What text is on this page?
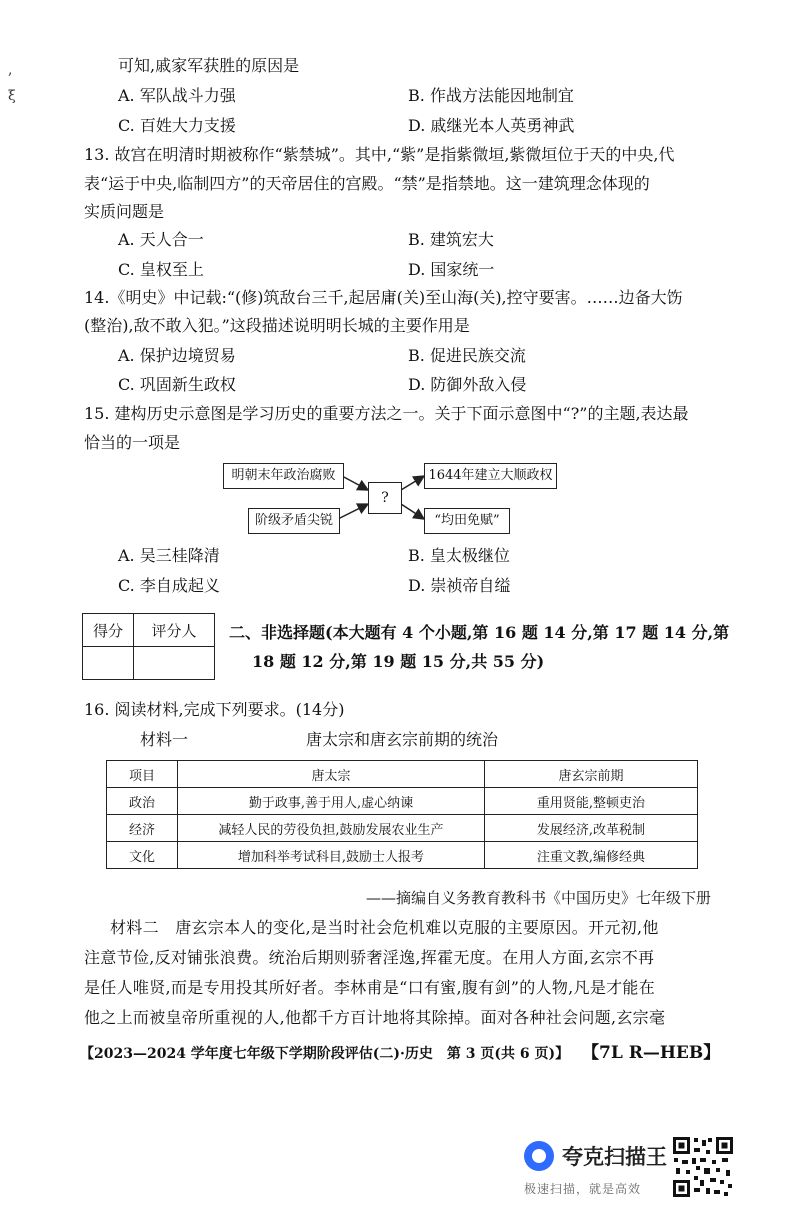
,
ξ
可知,戚家军获胜的原因是
A. 军队战斗力强	B. 作战方法能因地制宜
C. 百姓大力支援	D. 戚继光本人英勇神武
13. 故宫在明清时期被称作“紫禁城”。其中,“紫”是指紫微垣,紫微垣位于天的中央,代
表“运于中央,临制四方”的天帝居住的宫殿。“禁”是指禁地。这一建筑理念体现的
实质问题是
A. 天人合一	B. 建筑宏大
C. 皇权至上	D. 国家统一
14.《明史》中记载:“(修)筑敌台三千,起居庸(关)至山海(关),控守要害。……边备大饬
(整治),敌不敢入犯。”这段描述说明明长城的主要作用是
A. 保护边境贸易	B. 促进民族交流
C. 巩固新生政权	D. 防御外敌入侵
15. 建构历史示意图是学习历史的重要方法之一。关于下面示意图中“?”的主题,表达最
恰当的一项是
明朝末年政治腐败
阶级矛盾尖锐
?
1644年建立大顺政权
“均田免赋”
A. 吴三桂降清	B. 皇太极继位
C. 李自成起义	D. 崇祯帝自缢
得分	评分人
	二、非选择题(本大题有 4 个小题,第 16 题 14 分,第 17 题 14 分,第
18 题 12 分,第 19 题 15 分,共 55 分)
16. 阅读材料,完成下列要求。(14分)
材料一	唐太宗和唐玄宗前期的统治
项目	唐太宗	唐玄宗前期
政治	勤于政事,善于用人,虚心纳谏	重用贤能,整顿吏治
经济	减轻人民的劳役负担,鼓励发展农业生产	发展经济,改革税制
文化	增加科举考试科目,鼓励士人报考	注重文教,编修经典
——摘编自义务教育教科书《中国历史》七年级下册
材料二　唐玄宗本人的变化,是当时社会危机难以克服的主要原因。开元初,他
注意节俭,反对铺张浪费。统治后期则骄奢淫逸,挥霍无度。在用人方面,玄宗不再
是任人唯贤,而是专用投其所好者。李林甫是“口有蜜,腹有剑”的人物,凡是才能在
他之上而被皇帝所重视的人,他都千方百计地将其除掉。面对各种社会问题,玄宗毫
【2023—2024 学年度七年级下学期阶段评估(二)·历史　第 3 页(共 6 页)】 【7L R—HEB】
夸克扫描王
极速扫描，就是高效
